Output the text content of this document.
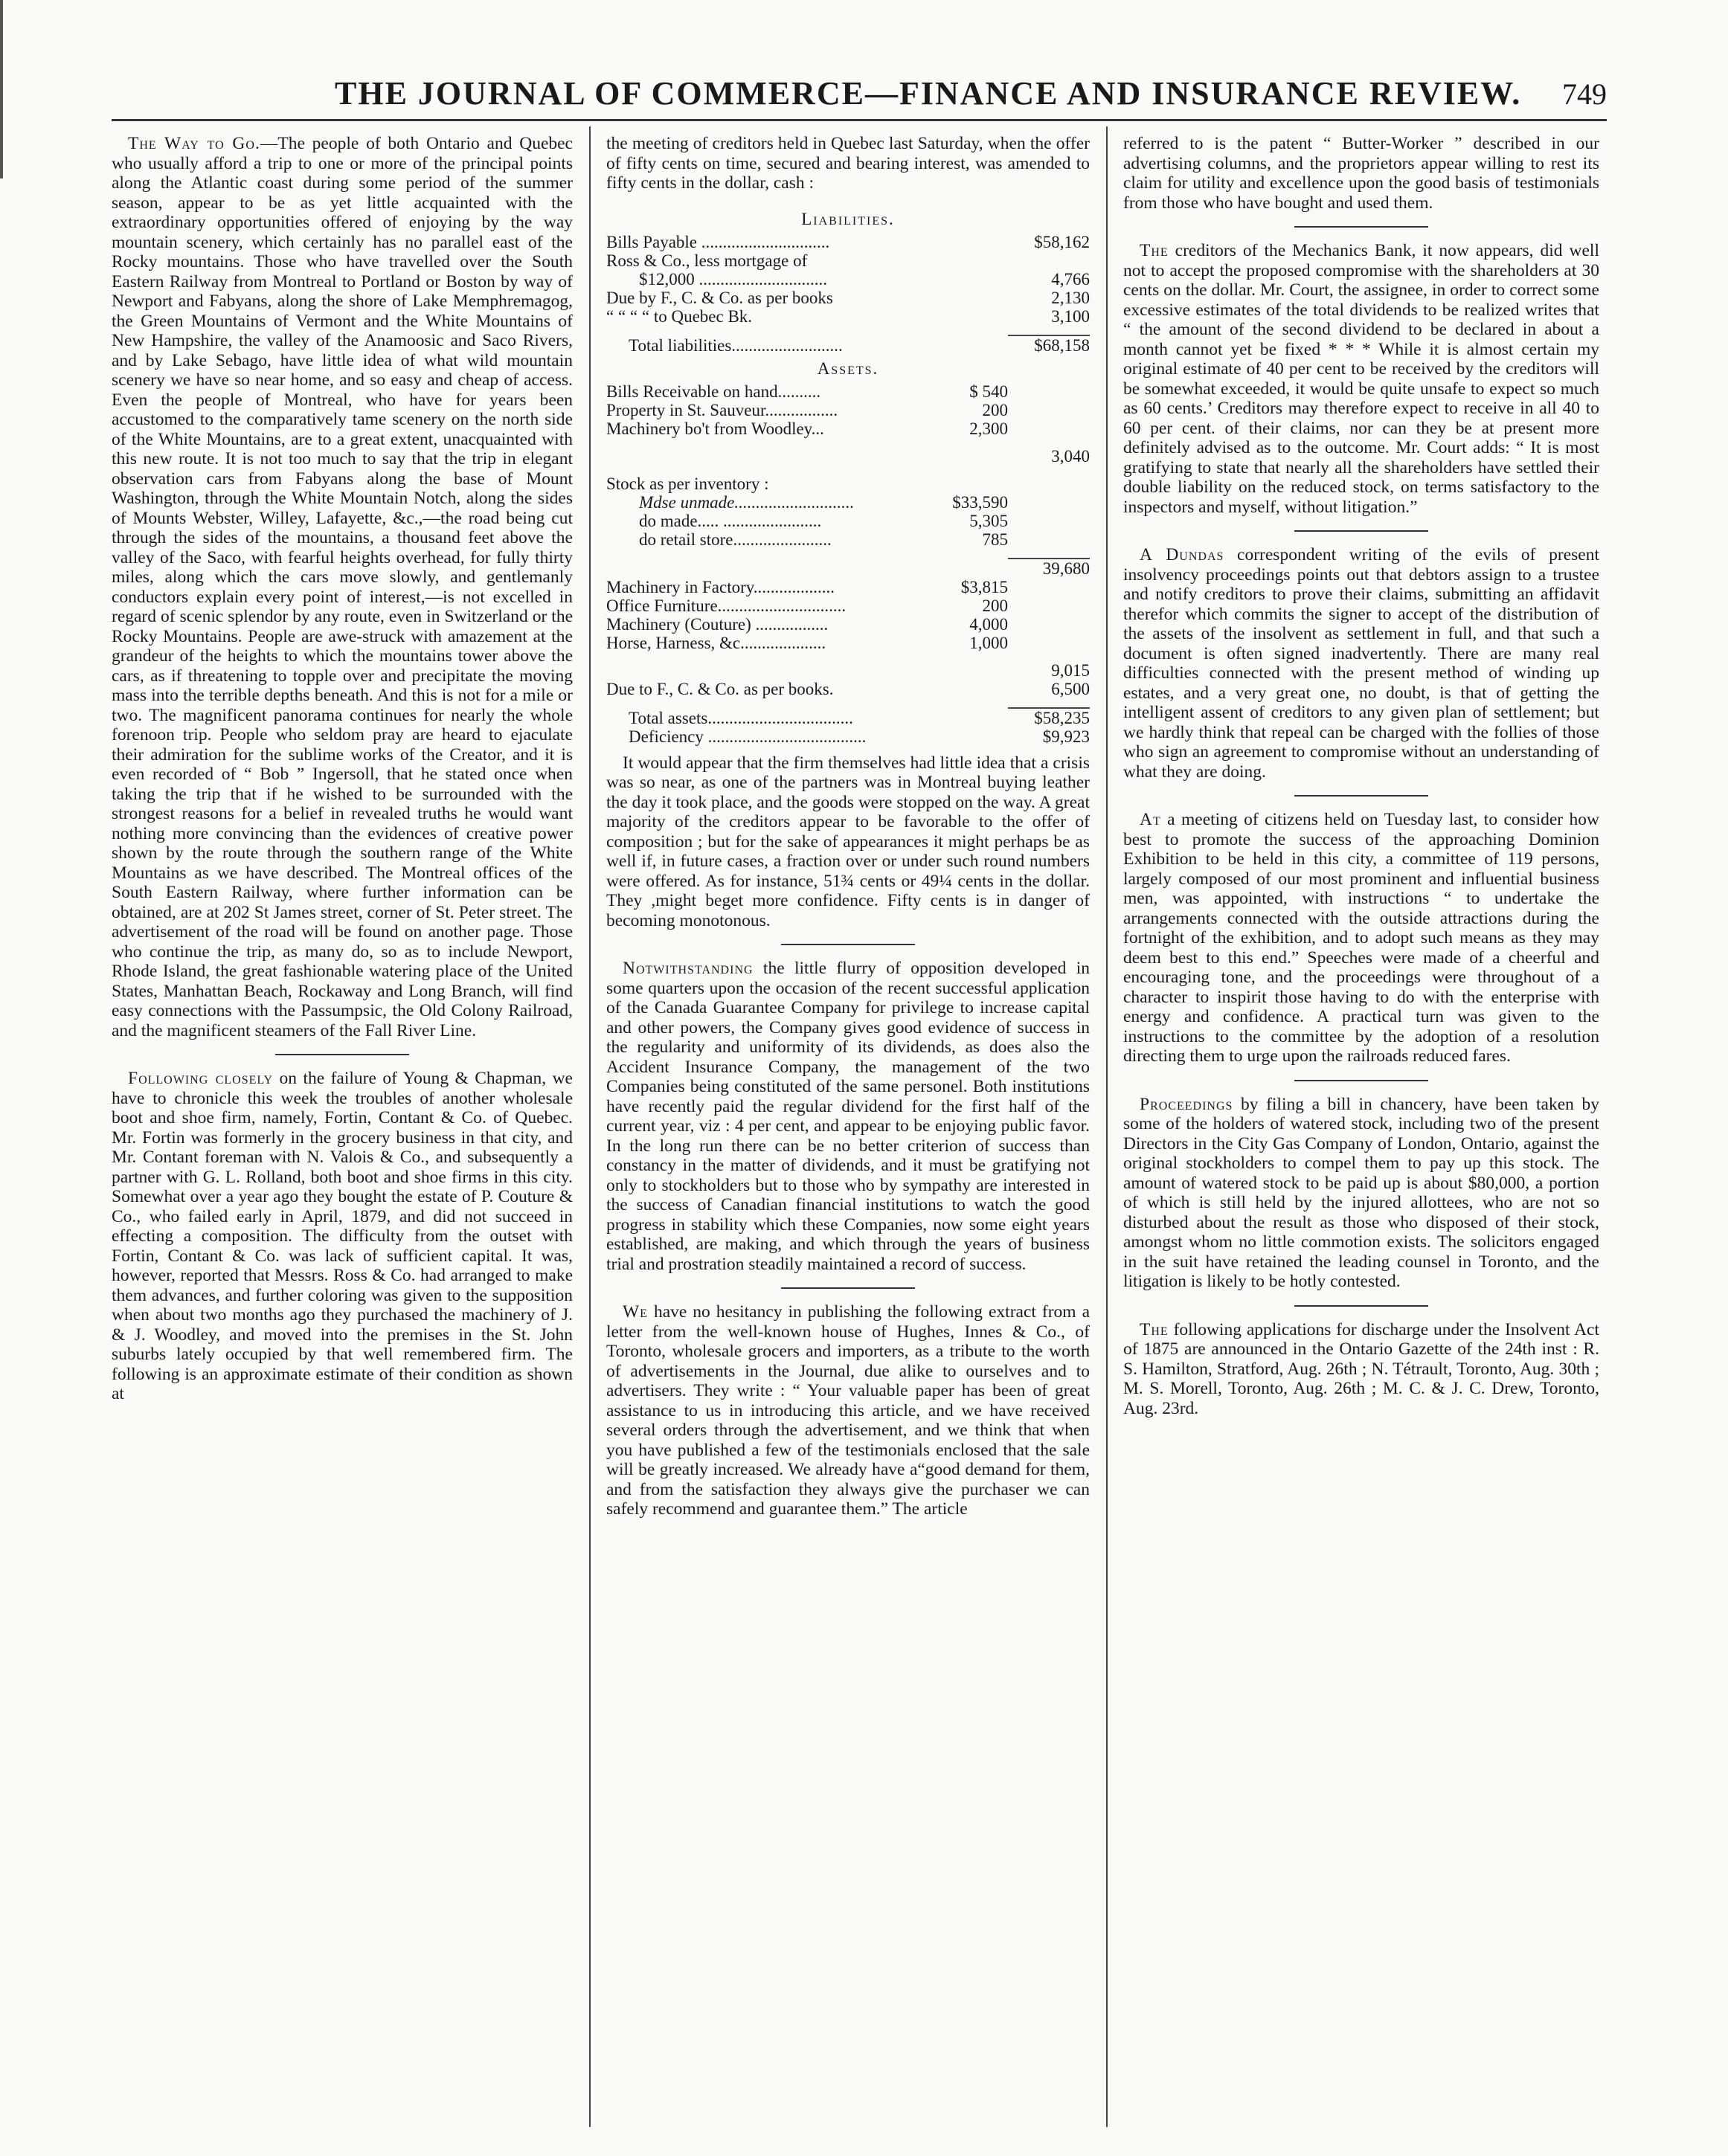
THE JOURNAL OF COMMERCE—FINANCE AND INSURANCE REVIEW. 749

The Way to Go.—The people of both Ontario and Quebec who usually afford a trip to one or more of the principal points along the Atlantic coast during some period of the summer season, appear to be as yet little acquainted with the extraordinary opportunities offered of enjoying by the way mountain scenery, which certainly has no parallel east of the Rocky mountains. Those who have travelled over the South Eastern Railway from Montreal to Portland or Boston by way of Newport and Fabyans, along the shore of Lake Memphremagog, the Green Mountains of Vermont and the White Mountains of New Hampshire, the valley of the Anamoosic and Saco Rivers, and by Lake Sebago, have little idea of what wild mountain scenery we have so near home, and so easy and cheap of access. Even the people of Montreal, who have for years been accustomed to the comparatively tame scenery on the north side of the White Mountains, are to a great extent, unacquainted with this new route. It is not too much to say that the trip in elegant observation cars from Fabyans along the base of Mount Washington, through the White Mountain Notch, along the sides of Mounts Webster, Willey, Lafayette, &c.,—the road being cut through the sides of the mountains, a thousand feet above the valley of the Saco, with fearful heights overhead, for fully thirty miles, along which the cars move slowly, and gentlemanly conductors explain every point of interest,—is not excelled in regard of scenic splendor by any route, even in Switzerland or the Rocky Mountains. People are awe-struck with amazement at the grandeur of the heights to which the mountains tower above the cars, as if threatening to topple over and precipitate the moving mass into the terrible depths beneath. And this is not for a mile or two. The magnificent panorama continues for nearly the whole forenoon trip. People who seldom pray are heard to ejaculate their admiration for the sublime works of the Creator, and it is even recorded of “ Bob ” Ingersoll, that he stated once when taking the trip that if he wished to be surrounded with the strongest reasons for a belief in revealed truths he would want nothing more convincing than the evidences of creative power shown by the route through the southern range of the White Mountains as we have described. The Montreal offices of the South Eastern Railway, where further information can be obtained, are at 202 St James street, corner of St. Peter street. The advertisement of the road will be found on another page. Those who continue the trip, as many do, so as to include Newport, Rhode Island, the great fashionable watering place of the United States, Manhattan Beach, Rockaway and Long Branch, will find easy connections with the Passumpsic, the Old Colony Railroad, and the magnificent steamers of the Fall River Line.

Following closely on the failure of Young & Chapman, we have to chronicle this week the troubles of another wholesale boot and shoe firm, namely, Fortin, Contant & Co. of Quebec. Mr. Fortin was formerly in the grocery business in that city, and Mr. Contant foreman with N. Valois & Co., and subsequently a partner with G. L. Rolland, both boot and shoe firms in this city. Somewhat over a year ago they bought the estate of P. Couture & Co., who failed early in April, 1879, and did not succeed in effecting a composition. The difficulty from the outset with Fortin, Contant & Co. was lack of sufficient capital. It was, however, reported that Messrs. Ross & Co. had arranged to make them advances, and further coloring was given to the supposition when about two months ago they purchased the machinery of J. & J. Woodley, and moved into the premises in the St. John suburbs lately occupied by that well remembered firm. The following is an approximate estimate of their condition as shown at

the meeting of creditors held in Quebec last Saturday, when the offer of fifty cents on time, secured and bearing interest, was amended to fifty cents in the dollar, cash :

Liabilities.		
Bills Payable ..............................		$58,162
Ross & Co., less mortgage of		
$12,000 ..............................		4,766
Due by F., C. & Co. as per books		2,130
“ “ “ “ to Quebec Bk.		3,100

Total liabilities..........................		$68,158
Assets.		
Bills Receivable on hand..........	$ 540	
Property in St. Sauveur.................	200	
Machinery bo't from Woodley...	2,300	

		3,040

Stock as per inventory :		
Mdse unmade............................	$33,590	
do made..... .......................	5,305	
do retail store.......................	785	

		39,680
Machinery in Factory...................	$3,815	
Office Furniture..............................	200	
Machinery (Couture) .................	4,000	
Horse, Harness, &c....................	1,000	

		9,015
Due to F., C. & Co. as per books.		6,500

Total assets..................................		$58,235
Deficiency .....................................		$9,923

It would appear that the firm themselves had little idea that a crisis was so near, as one of the partners was in Montreal buying leather the day it took place, and the goods were stopped on the way. A great majority of the creditors appear to be favorable to the offer of composition ; but for the sake of appearances it might perhaps be as well if, in future cases, a fraction over or under such round numbers were offered. As for instance, 51¾ cents or 49¼ cents in the dollar. They ,might beget more confidence. Fifty cents is in danger of becoming monotonous.

Notwithstanding the little flurry of opposition developed in some quarters upon the occasion of the recent successful application of the Canada Guarantee Company for privilege to increase capital and other powers, the Company gives good evidence of success in the regularity and uniformity of its dividends, as does also the Accident Insurance Company, the management of the two Companies being constituted of the same personel. Both institutions have recently paid the regular dividend for the first half of the current year, viz : 4 per cent, and appear to be enjoying public favor. In the long run there can be no better criterion of success than constancy in the matter of dividends, and it must be gratifying not only to stockholders but to those who by sympathy are interested in the success of Canadian financial institutions to watch the good progress in stability which these Companies, now some eight years established, are making, and which through the years of business trial and prostration steadily maintained a record of success.

We have no hesitancy in publishing the following extract from a letter from the well-known house of Hughes, Innes & Co., of Toronto, wholesale grocers and importers, as a tribute to the worth of advertisements in the Journal, due alike to ourselves and to advertisers. They write : “ Your valuable paper has been of great assistance to us in introducing this article, and we have received several orders through the advertisement, and we think that when you have published a few of the testimonials enclosed that the sale will be greatly increased. We already have a“good demand for them, and from the satisfaction they always give the purchaser we can safely recommend and guarantee them.” The article

referred to is the patent “ Butter-Worker ” described in our advertising columns, and the proprietors appear willing to rest its claim for utility and excellence upon the good basis of testimonials from those who have bought and used them.

The creditors of the Mechanics Bank, it now appears, did well not to accept the proposed compromise with the shareholders at 30 cents on the dollar. Mr. Court, the assignee, in order to correct some excessive estimates of the total dividends to be realized writes that “ the amount of the second dividend to be declared in about a month cannot yet be fixed * * * While it is almost certain my original estimate of 40 per cent to be received by the creditors will be somewhat exceeded, it would be quite unsafe to expect so much as 60 cents.’ Creditors may therefore expect to receive in all 40 to 60 per cent. of their claims, nor can they be at present more definitely advised as to the outcome. Mr. Court adds: “ It is most gratifying to state that nearly all the shareholders have settled their double liability on the reduced stock, on terms satisfactory to the inspectors and myself, without litigation.”

A Dundas correspondent writing of the evils of present insolvency proceedings points out that debtors assign to a trustee and notify creditors to prove their claims, submitting an affidavit therefor which commits the signer to accept of the distribution of the assets of the insolvent as settlement in full, and that such a document is often signed inadvertently. There are many real difficulties connected with the present method of winding up estates, and a very great one, no doubt, is that of getting the intelligent assent of creditors to any given plan of settlement; but we hardly think that repeal can be charged with the follies of those who sign an agreement to compromise without an understanding of what they are doing.

At a meeting of citizens held on Tuesday last, to consider how best to promote the success of the approaching Dominion Exhibition to be held in this city, a committee of 119 persons, largely composed of our most prominent and influential business men, was appointed, with instructions “ to undertake the arrangements connected with the outside attractions during the fortnight of the exhibition, and to adopt such means as they may deem best to this end.” Speeches were made of a cheerful and encouraging tone, and the proceedings were throughout of a character to inspirit those having to do with the enterprise with energy and confidence. A practical turn was given to the instructions to the committee by the adoption of a resolution directing them to urge upon the railroads reduced fares.

Proceedings by filing a bill in chancery, have been taken by some of the holders of watered stock, including two of the present Directors in the City Gas Company of London, Ontario, against the original stockholders to compel them to pay up this stock. The amount of watered stock to be paid up is about $80,000, a portion of which is still held by the injured allottees, who are not so disturbed about the result as those who disposed of their stock, amongst whom no little commotion exists. The solicitors engaged in the suit have retained the leading counsel in Toronto, and the litigation is likely to be hotly contested.

The following applications for discharge under the Insolvent Act of 1875 are announced in the Ontario Gazette of the 24th inst : R. S. Hamilton, Stratford, Aug. 26th ; N. Tétrault, Toronto, Aug. 30th ; M. S. Morell, Toronto, Aug. 26th ; M. C. & J. C. Drew, Toronto, Aug. 23rd.
